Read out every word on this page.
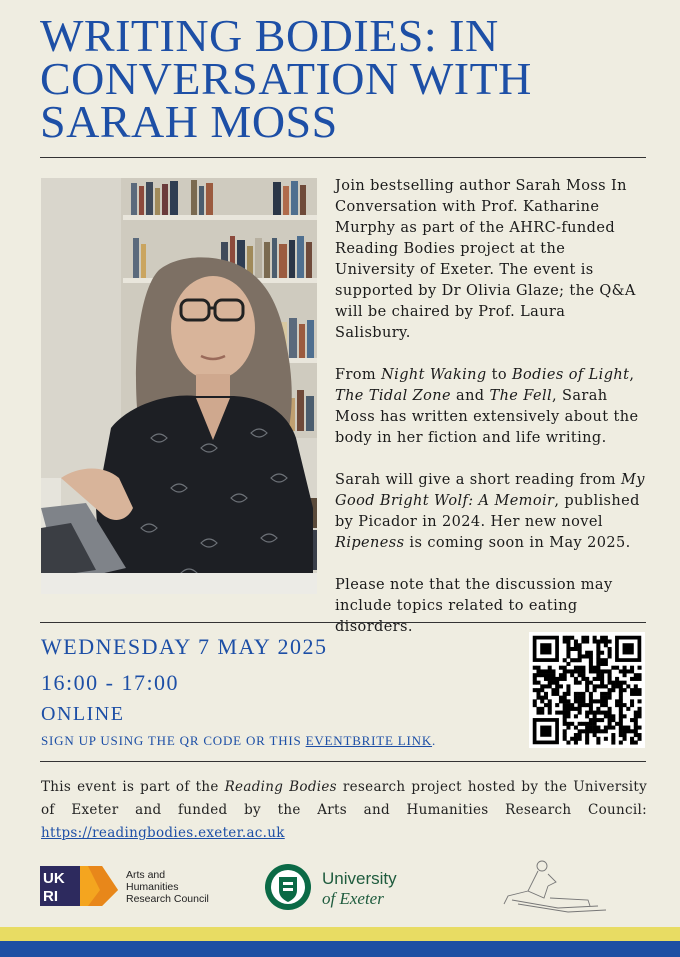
WRITING BODIES: IN CONVERSATION WITH SARAH MOSS

Join bestselling author Sarah Moss In Conversation with Prof. Katharine Murphy as part of the AHRC-funded Reading Bodies project at the University of Exeter. The event is supported by Dr Olivia Glaze; the Q&A will be chaired by Prof. Laura Salisbury.

From Night Waking to Bodies of Light, The Tidal Zone and The Fell, Sarah Moss has written extensively about the body in her fiction and life writing.

Sarah will give a short reading from My Good Bright Wolf: A Memoir, published by Picador in 2024. Her new novel Ripeness is coming soon in May 2025.

Please note that the discussion may include topics related to eating disorders.

WEDNESDAY 7 MAY 2025
16:00 - 17:00
ONLINE
SIGN UP USING THE QR CODE OR THIS EVENTBRITE LINK.
This event is part of the Reading Bodies research project hosted by the University of Exeter and funded by the Arts and Humanities Research Council: https://readingbodies.exeter.ac.uk
UK
RI
Arts and
Humanities
Research Council
University
of Exeter
